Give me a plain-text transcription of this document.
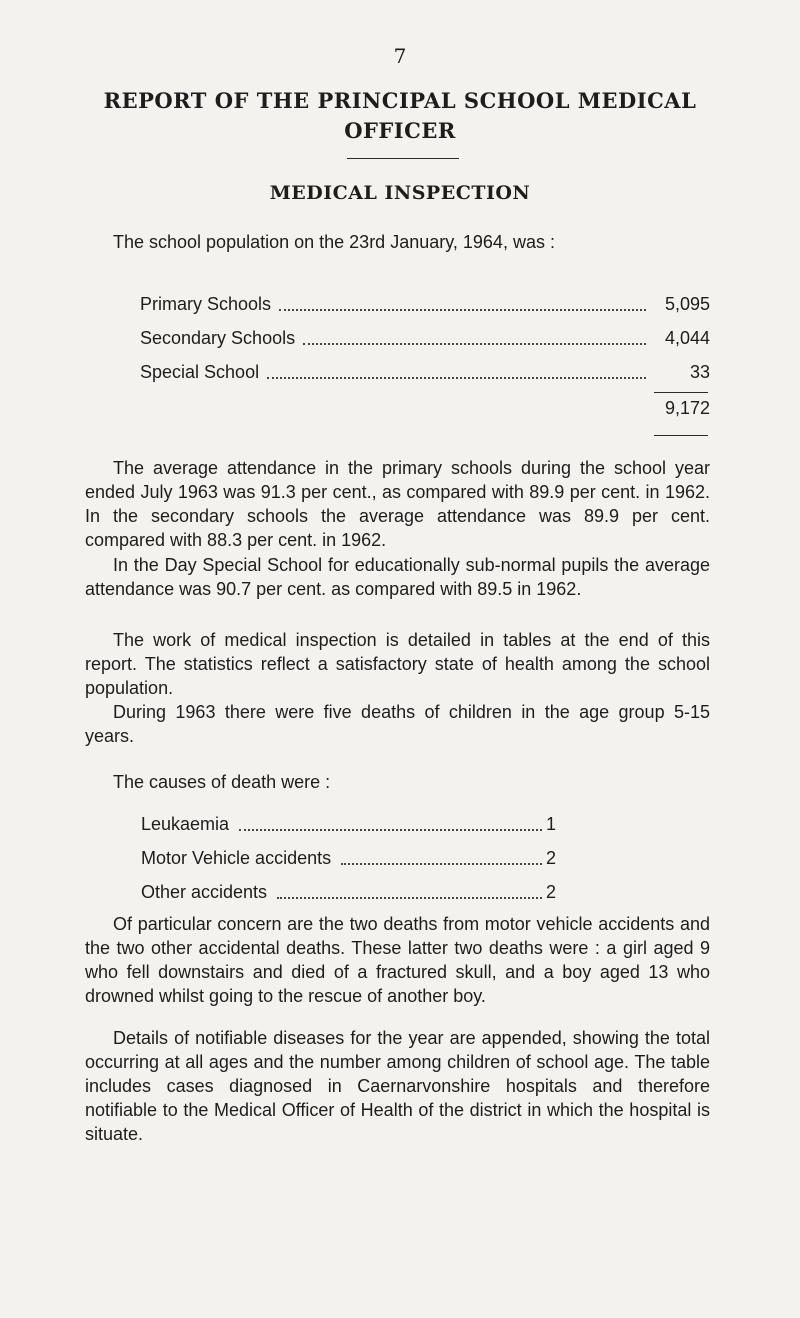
7
REPORT OF THE PRINCIPAL SCHOOL MEDICAL
OFFICER
MEDICAL INSPECTION
The school population on the 23rd January, 1964, was :
Primary Schools	5,095
Secondary Schools	4,044
Special School	33
9,172
The average attendance in the primary schools during the school year ended July 1963 was 91.3 per cent., as compared with 89.9 per cent. in 1962. In the secondary schools the average attendance was 89.9 per cent. compared with 88.3 per cent. in 1962.
In the Day Special School for educationally sub-normal pupils the average attendance was 90.7 per cent. as compared with 89.5 in 1962.
The work of medical inspection is detailed in tables at the end of this report. The statistics reflect a satisfactory state of health among the school population.
During 1963 there were five deaths of children in the age group 5-15 years.
The causes of death were :
Leukaemia	1
Motor Vehicle accidents	2
Other accidents	2
Of particular concern are the two deaths from motor vehicle accidents and the two other accidental deaths. These latter two deaths were : a girl aged 9 who fell downstairs and died of a fractured skull, and a boy aged 13 who drowned whilst going to the rescue of another boy.
Details of notifiable diseases for the year are appended, showing the total occurring at all ages and the number among children of school age. The table includes cases diagnosed in Caernarvonshire hospitals and therefore notifiable to the Medical Officer of Health of the district in which the hospital is situate.
